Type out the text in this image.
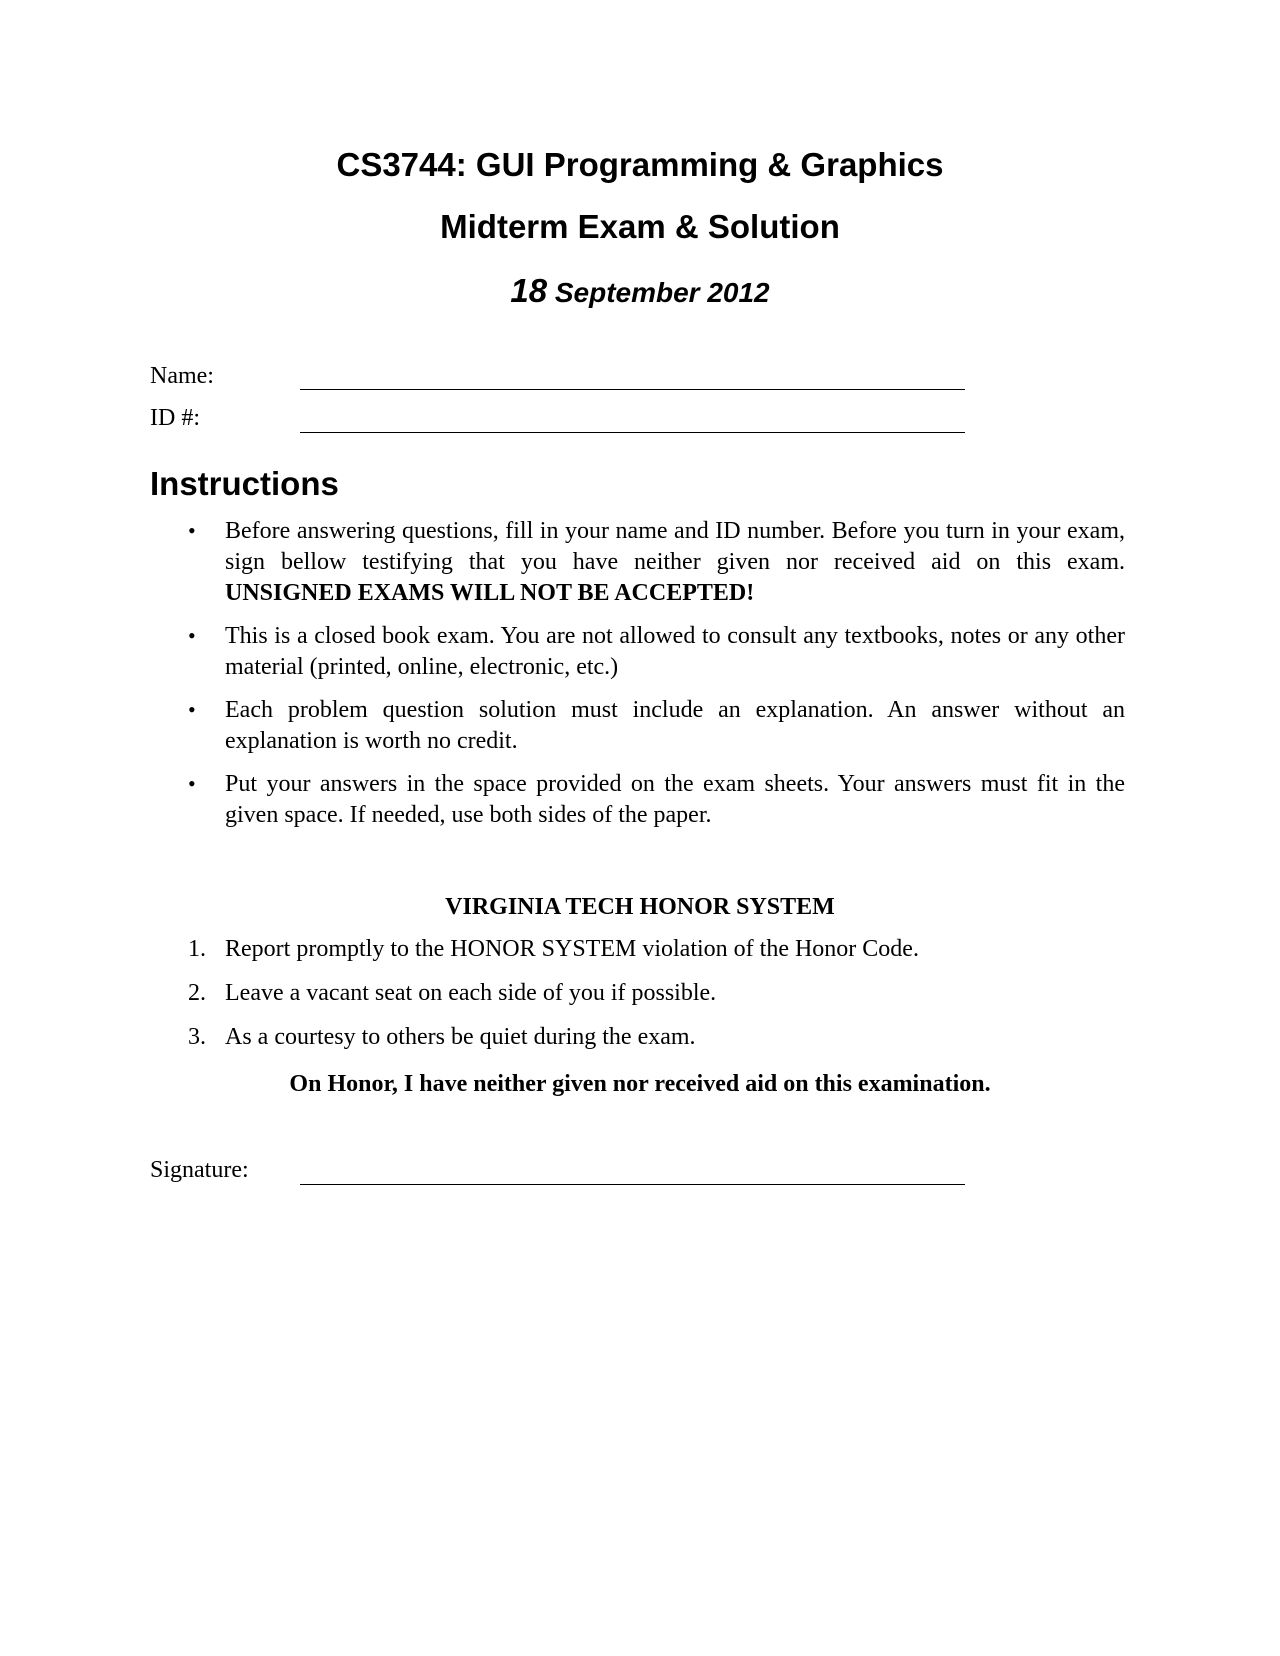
CS3744: GUI Programming & Graphics
Midterm Exam & Solution
18 September 2012
Name:
ID #:
Instructions
• Before answering questions, fill in your name and ID number. Before you turn in your exam, sign bellow testifying that you have neither given nor received aid on this exam. UNSIGNED EXAMS WILL NOT BE ACCEPTED!
• This is a closed book exam. You are not allowed to consult any textbooks, notes or any other material (printed, online, electronic, etc.)
• Each problem question solution must include an explanation. An answer without an explanation is worth no credit.
• Put your answers in the space provided on the exam sheets. Your answers must fit in the given space. If needed, use both sides of the paper.
VIRGINIA TECH HONOR SYSTEM
1. Report promptly to the HONOR SYSTEM violation of the Honor Code.
2. Leave a vacant seat on each side of you if possible.
3. As a courtesy to others be quiet during the exam.
On Honor, I have neither given nor received aid on this examination.
Signature:
